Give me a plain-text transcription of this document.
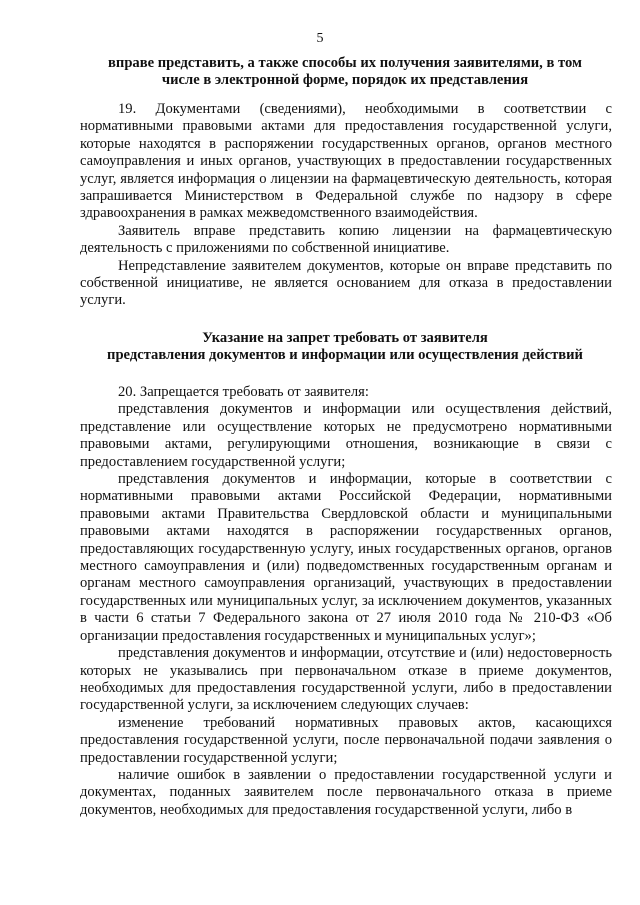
5
вправе представить, а также способы их получения заявителями, в том
числе в электронной форме, порядок их представления

19. Документами (сведениями), необходимыми в соответствии с нормативными правовыми актами для предоставления государственной услуги, которые находятся в распоряжении государственных органов, органов местного самоуправления и иных органов, участвующих в предоставлении государственных услуг, является информация о лицензии на фармацевтическую деятельность, которая запрашивается Министерством в Федеральной службе по надзору в сфере здравоохранения в рамках межведомственного взаимодействия.

Заявитель вправе представить копию лицензии на фармацевтическую деятельность с приложениями по собственной инициативе.

Непредставление заявителем документов, которые он вправе представить по собственной инициативе, не является основанием для отказа в предоставлении услуги.

Указание на запрет требовать от заявителя
представления документов и информации или осуществления действий

20. Запрещается требовать от заявителя:

представления документов и информации или осуществления действий, представление или осуществление которых не предусмотрено нормативными правовыми актами, регулирующими отношения, возникающие в связи с предоставлением государственной услуги;

представления документов и информации, которые в соответствии с нормативными правовыми актами Российской Федерации, нормативными правовыми актами Правительства Свердловской области и муниципальными правовыми актами находятся в распоряжении государственных органов, предоставляющих государственную услугу, иных государственных органов, органов местного самоуправления и (или) подведомственных государственным органам и органам местного самоуправления организаций, участвующих в предоставлении государственных или муниципальных услуг, за исключением документов, указанных в части 6 статьи 7 Федерального закона от 27 июля 2010 года № 210-ФЗ «Об организации предоставления государственных и муниципальных услуг»;

представления документов и информации, отсутствие и (или) недостоверность которых не указывались при первоначальном отказе в приеме документов, необходимых для предоставления государственной услуги, либо в предоставлении государственной услуги, за исключением следующих случаев:

изменение требований нормативных правовых актов, касающихся предоставления государственной услуги, после первоначальной подачи заявления о предоставлении государственной услуги;

наличие ошибок в заявлении о предоставлении государственной услуги и документах, поданных заявителем после первоначального отказа в приеме документов, необходимых для предоставления государственной услуги, либо в
